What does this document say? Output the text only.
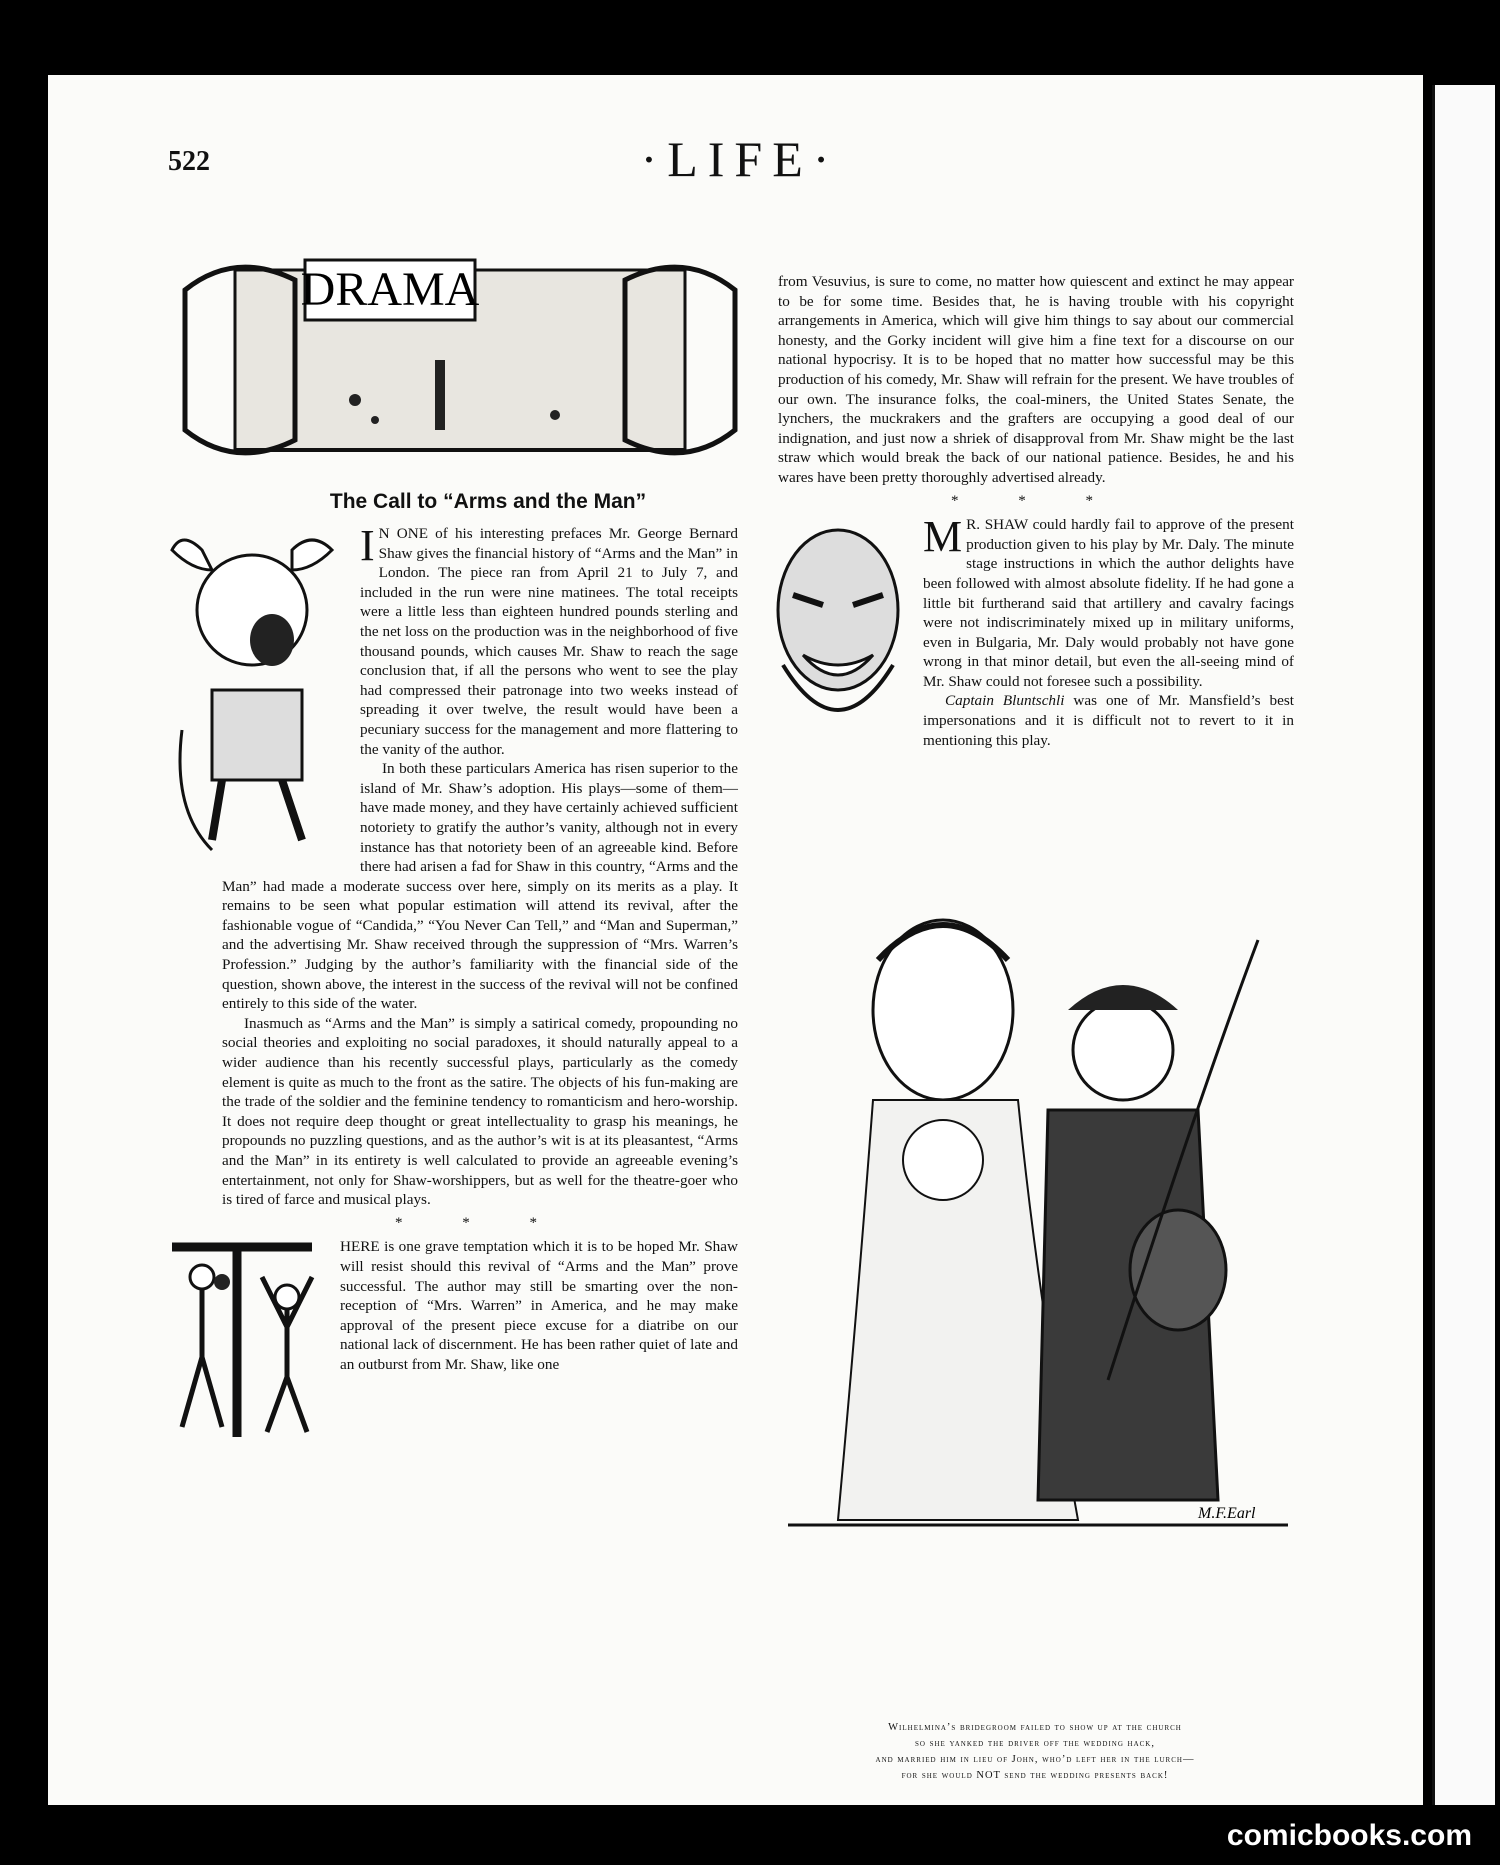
522	·LIFE·
DRAMA
The Call to “Arms and the Man”

I N ONE of his interesting prefaces Mr. George Bernard Shaw gives the financial history of “Arms and the Man” in London. The piece ran from April 21 to July 7, and included in the run were nine matinees. The total receipts were a little less than eighteen hundred pounds sterling and the net loss on the production was in the neighborhood of five thousand pounds, which causes Mr. Shaw to reach the sage conclusion that, if all the persons who went to see the play had compressed their patronage into two weeks instead of spreading it over twelve, the result would have been a pecuniary success for the management and more flattering to the vanity of the author.

In both these particulars America has risen superior to the island of Mr. Shaw’s adoption. His plays—some of them—have made money, and they have certainly achieved sufficient notoriety to gratify the author’s vanity, although not in every instance has that notoriety been of an agreeable kind. Before there had arisen a fad for Shaw in this country, “Arms and the Man” had made a moderate success over here, simply on its merits as a play. It remains to be seen what popular estimation will attend its revival, after the fashionable vogue of “Candida,” “You Never Can Tell,” and “Man and Superman,” and the advertising Mr. Shaw received through the suppression of “Mrs. Warren’s Profession.” Judging by the author’s familiarity with the financial side of the question, shown above, the interest in the success of the revival will not be confined entirely to this side of the water.

Inasmuch as “Arms and the Man” is simply a satirical comedy, propounding no social theories and exploiting no social paradoxes, it should naturally appeal to a wider audience than his recently successful plays, particularly as the comedy element is quite as much to the front as the satire. The objects of his fun-making are the trade of the soldier and the feminine tendency to romanticism and hero-worship. It does not require deep thought or great intellectuality to grasp his meanings, he propounds no puzzling questions, and as the author’s wit is at its pleasantest, “Arms and the Man” in its entirety is well calculated to provide an agreeable evening’s entertainment, not only for Shaw-worshippers, but as well for the theatre-goer who is tired of farce and musical plays.

* * *

HERE is one grave temptation which it is to be hoped Mr. Shaw will resist should this revival of “Arms and the Man” prove successful. The author may still be smarting over the non-reception of “Mrs. Warren” in America, and he may make approval of the present piece excuse for a diatribe on our national lack of discernment. He has been rather quiet of late and an outburst from Mr. Shaw, like one

from Vesuvius, is sure to come, no matter how quiescent and extinct he may appear to be for some time. Besides that, he is having trouble with his copyright arrangements in America, which will give him things to say about our commercial honesty, and the Gorky incident will give him a fine text for a discourse on our national hypocrisy. It is to be hoped that no matter how successful may be this production of his comedy, Mr. Shaw will refrain for the present. We have troubles of our own. The insurance folks, the coal-miners, the United States Senate, the lynchers, the muckrakers and the grafters are occupying a good deal of our indignation, and just now a shriek of disapproval from Mr. Shaw might be the last straw which would break the back of our national patience. Besides, he and his wares have been pretty thoroughly advertised already.

* * *

M R. SHAW could hardly fail to approve of the present production given to his play by Mr. Daly. The minute stage instructions in which the author delights have been followed with almost absolute fidelity. If he had gone a little bit furtherand said that artillery and cavalry facings were not indiscriminately mixed up in military uniforms, even in Bulgaria, Mr. Daly would probably not have gone wrong in that minor detail, but even the all-seeing mind of Mr. Shaw could not foresee such a possibility.

Captain Bluntschli was one of Mr. Mansfield’s best impersonations and it is difficult not to revert to it in mentioning this play.

M.F.Earl
Wilhelmina’s bridegroom failed to show up at the church
so she yanked the driver off the wedding hack,
and married him in lieu of John, who’d left her in the lurch—
for she would NOT send the wedding presents back!
comicbooks.com
